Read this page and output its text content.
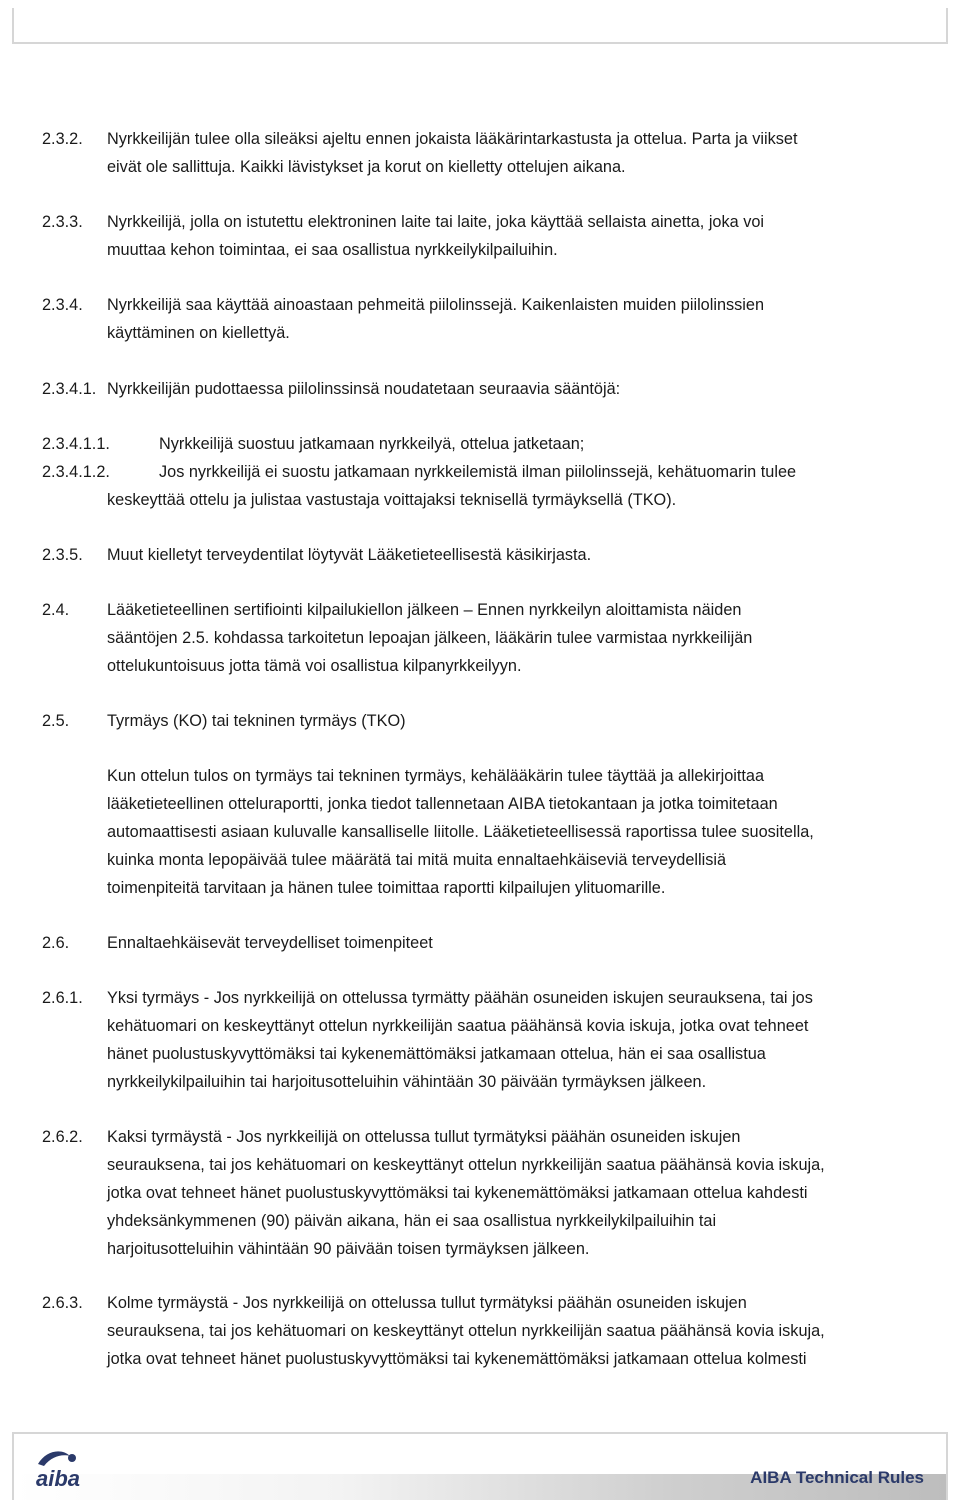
2.3.2. Nyrkkeilijän tulee olla sileäksi ajeltu ennen jokaista lääkärintarkastusta ja ottelua. Parta ja viikset
eivät ole sallittuja. Kaikki lävistykset ja korut on kielletty ottelujen aikana.
2.3.3. Nyrkkeilijä, jolla on istutettu elektroninen laite tai laite, joka käyttää sellaista ainetta, joka voi
muuttaa kehon toimintaa, ei saa osallistua nyrkkeilykilpailuihin.
2.3.4. Nyrkkeilijä saa käyttää ainoastaan pehmeitä piilolinssejä. Kaikenlaisten muiden piilolinssien
käyttäminen on kiellettyä.
2.3.4.1. Nyrkkeilijän pudottaessa piilolinssinsä noudatetaan seuraavia sääntöjä:
2.3.4.1.1.	Nyrkkeilijä suostuu jatkamaan nyrkkeilyä, ottelua jatketaan;
2.3.4.1.2.	Jos nyrkkeilijä ei suostu jatkamaan nyrkkeilemistä ilman piilolinssejä, kehätuomarin tulee
keskeyttää ottelu ja julistaa vastustaja voittajaksi teknisellä tyrmäyksellä (TKO).
2.3.5. Muut kielletyt terveydentilat löytyvät Lääketieteellisestä käsikirjasta.
2.4. Lääketieteellinen sertifiointi kilpailukiellon jälkeen – Ennen nyrkkeilyn aloittamista näiden
sääntöjen 2.5. kohdassa tarkoitetun lepoajan jälkeen, lääkärin tulee varmistaa nyrkkeilijän
ottelukuntoisuus jotta tämä voi osallistua kilpanyrkkeilyyn.
2.5. Tyrmäys (KO) tai tekninen tyrmäys (TKO)
Kun ottelun tulos on tyrmäys tai tekninen tyrmäys, kehälääkärin tulee täyttää ja allekirjoittaa
lääketieteellinen otteluraportti, jonka tiedot tallennetaan AIBA tietokantaan ja jotka toimitetaan
automaattisesti asiaan kuluvalle kansalliselle liitolle. Lääketieteellisessä raportissa tulee suositella,
kuinka monta lepopäivää tulee määrätä tai mitä muita ennaltaehkäiseviä terveydellisiä
toimenpiteitä tarvitaan ja hänen tulee toimittaa raportti kilpailujen ylituomarille.
2.6. Ennaltaehkäisevät terveydelliset toimenpiteet
2.6.1. Yksi tyrmäys - Jos nyrkkeilijä on ottelussa tyrmätty päähän osuneiden iskujen seurauksena, tai jos
kehätuomari on keskeyttänyt ottelun nyrkkeilijän saatua päähänsä kovia iskuja, jotka ovat tehneet
hänet puolustuskyvyttömäksi tai kykenemättömäksi jatkamaan ottelua, hän ei saa osallistua
nyrkkeilykilpailuihin tai harjoitusotteluihin vähintään 30 päivään tyrmäyksen jälkeen.
2.6.2. Kaksi tyrmäystä - Jos nyrkkeilijä on ottelussa tullut tyrmätyksi päähän osuneiden iskujen
seurauksena, tai jos kehätuomari on keskeyttänyt ottelun nyrkkeilijän saatua päähänsä kovia iskuja,
jotka ovat tehneet hänet puolustuskyvyttömäksi tai kykenemättömäksi jatkamaan ottelua kahdesti
yhdeksänkymmenen (90) päivän aikana, hän ei saa osallistua nyrkkeilykilpailuihin tai
harjoitusotteluihin vähintään 90 päivään toisen tyrmäyksen jälkeen.
2.6.3. Kolme tyrmäystä - Jos nyrkkeilijä on ottelussa tullut tyrmätyksi päähän osuneiden iskujen
seurauksena, tai jos kehätuomari on keskeyttänyt ottelun nyrkkeilijän saatua päähänsä kovia iskuja,
jotka ovat tehneet hänet puolustuskyvyttömäksi tai kykenemättömäksi jatkamaan ottelua kolmesti
aiba	AIBA Technical Rules
